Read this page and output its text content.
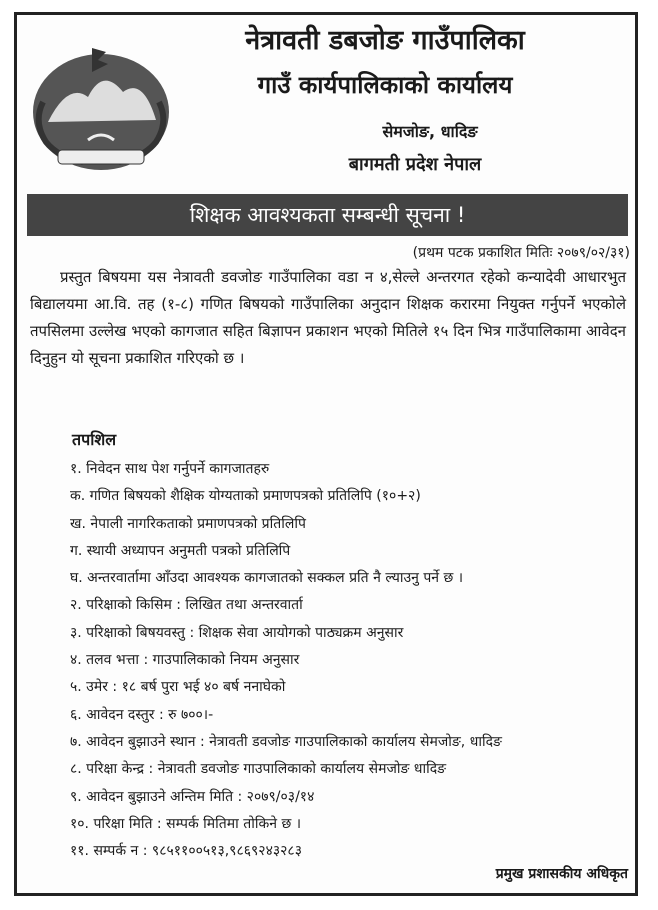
नेत्रावती डबजोङ गाउँपालिका
गाउँ कार्यपालिकाको कार्यालय
सेमजोङ, धादिङ
बागमती प्रदेश नेपाल
शिक्षक आवश्यकता सम्बन्धी सूचना !
(प्रथम पटक प्रकाशित मितिः २०७९/०२/३१)
प्रस्तुत बिषयमा यस नेत्रावती डवजोङ गाउँपालिका वडा न ४,सेल्ले अन्तरगत रहेको कन्यादेवी आधारभुत बिद्यालयमा आ.वि. तह (१-८) गणित बिषयको गाउँपालिका अनुदान शिक्षक करारमा नियुक्त गर्नुपर्ने भएकोले तपसिलमा उल्लेख भएको कागजात सहित बिज्ञापन प्रकाशन भएको मितिले १५ दिन भित्र गाउँपालिकामा आवेदन दिनुहुन यो सूचना प्रकाशित गरिएको छ ।
तपशिल
१. निवेदन साथ पेश गर्नुपर्ने कागजातहरु
क. गणित बिषयको शैक्षिक योग्यताको प्रमाणपत्रको प्रतिलिपि (१०+२)
ख. नेपाली नागरिकताको प्रमाणपत्रको प्रतिलिपि
ग. स्थायी अध्यापन अनुमती पत्रको प्रतिलिपि
घ. अन्तरवार्तामा आँउदा आवश्यक कागजातको सक्कल प्रति नै ल्याउनु पर्ने छ ।
२. परिक्षाको किसिम : लिखित तथा अन्तरवार्ता
३. परिक्षाको बिषयवस्तु : शिक्षक सेवा आयोगको पाठ्यक्रम अनुसार
४. तलव भत्ता : गाउपालिकाको नियम अनुसार
५. उमेर : १८ बर्ष पुरा भई ४० बर्ष ननाघेको
६. आवेदन दस्तुर : रु ७००।-
७. आवेदन बुझाउने स्थान : नेत्रावती डवजोङ गाउपालिकाको कार्यालय सेमजोङ, धादिङ
८. परिक्षा केन्द्र : नेत्रावती डवजोङ गाउपालिकाको कार्यालय सेमजोङ धादिङ
९. आवेदन बुझाउने अन्तिम मिति : २०७९/०३/१४
१०. परिक्षा मिति : सम्पर्क मितिमा तोकिने छ ।
११. सम्पर्क न : ९८५११००५१३,९८६९२४३२८३
प्रमुख प्रशासकीय अधिकृत
